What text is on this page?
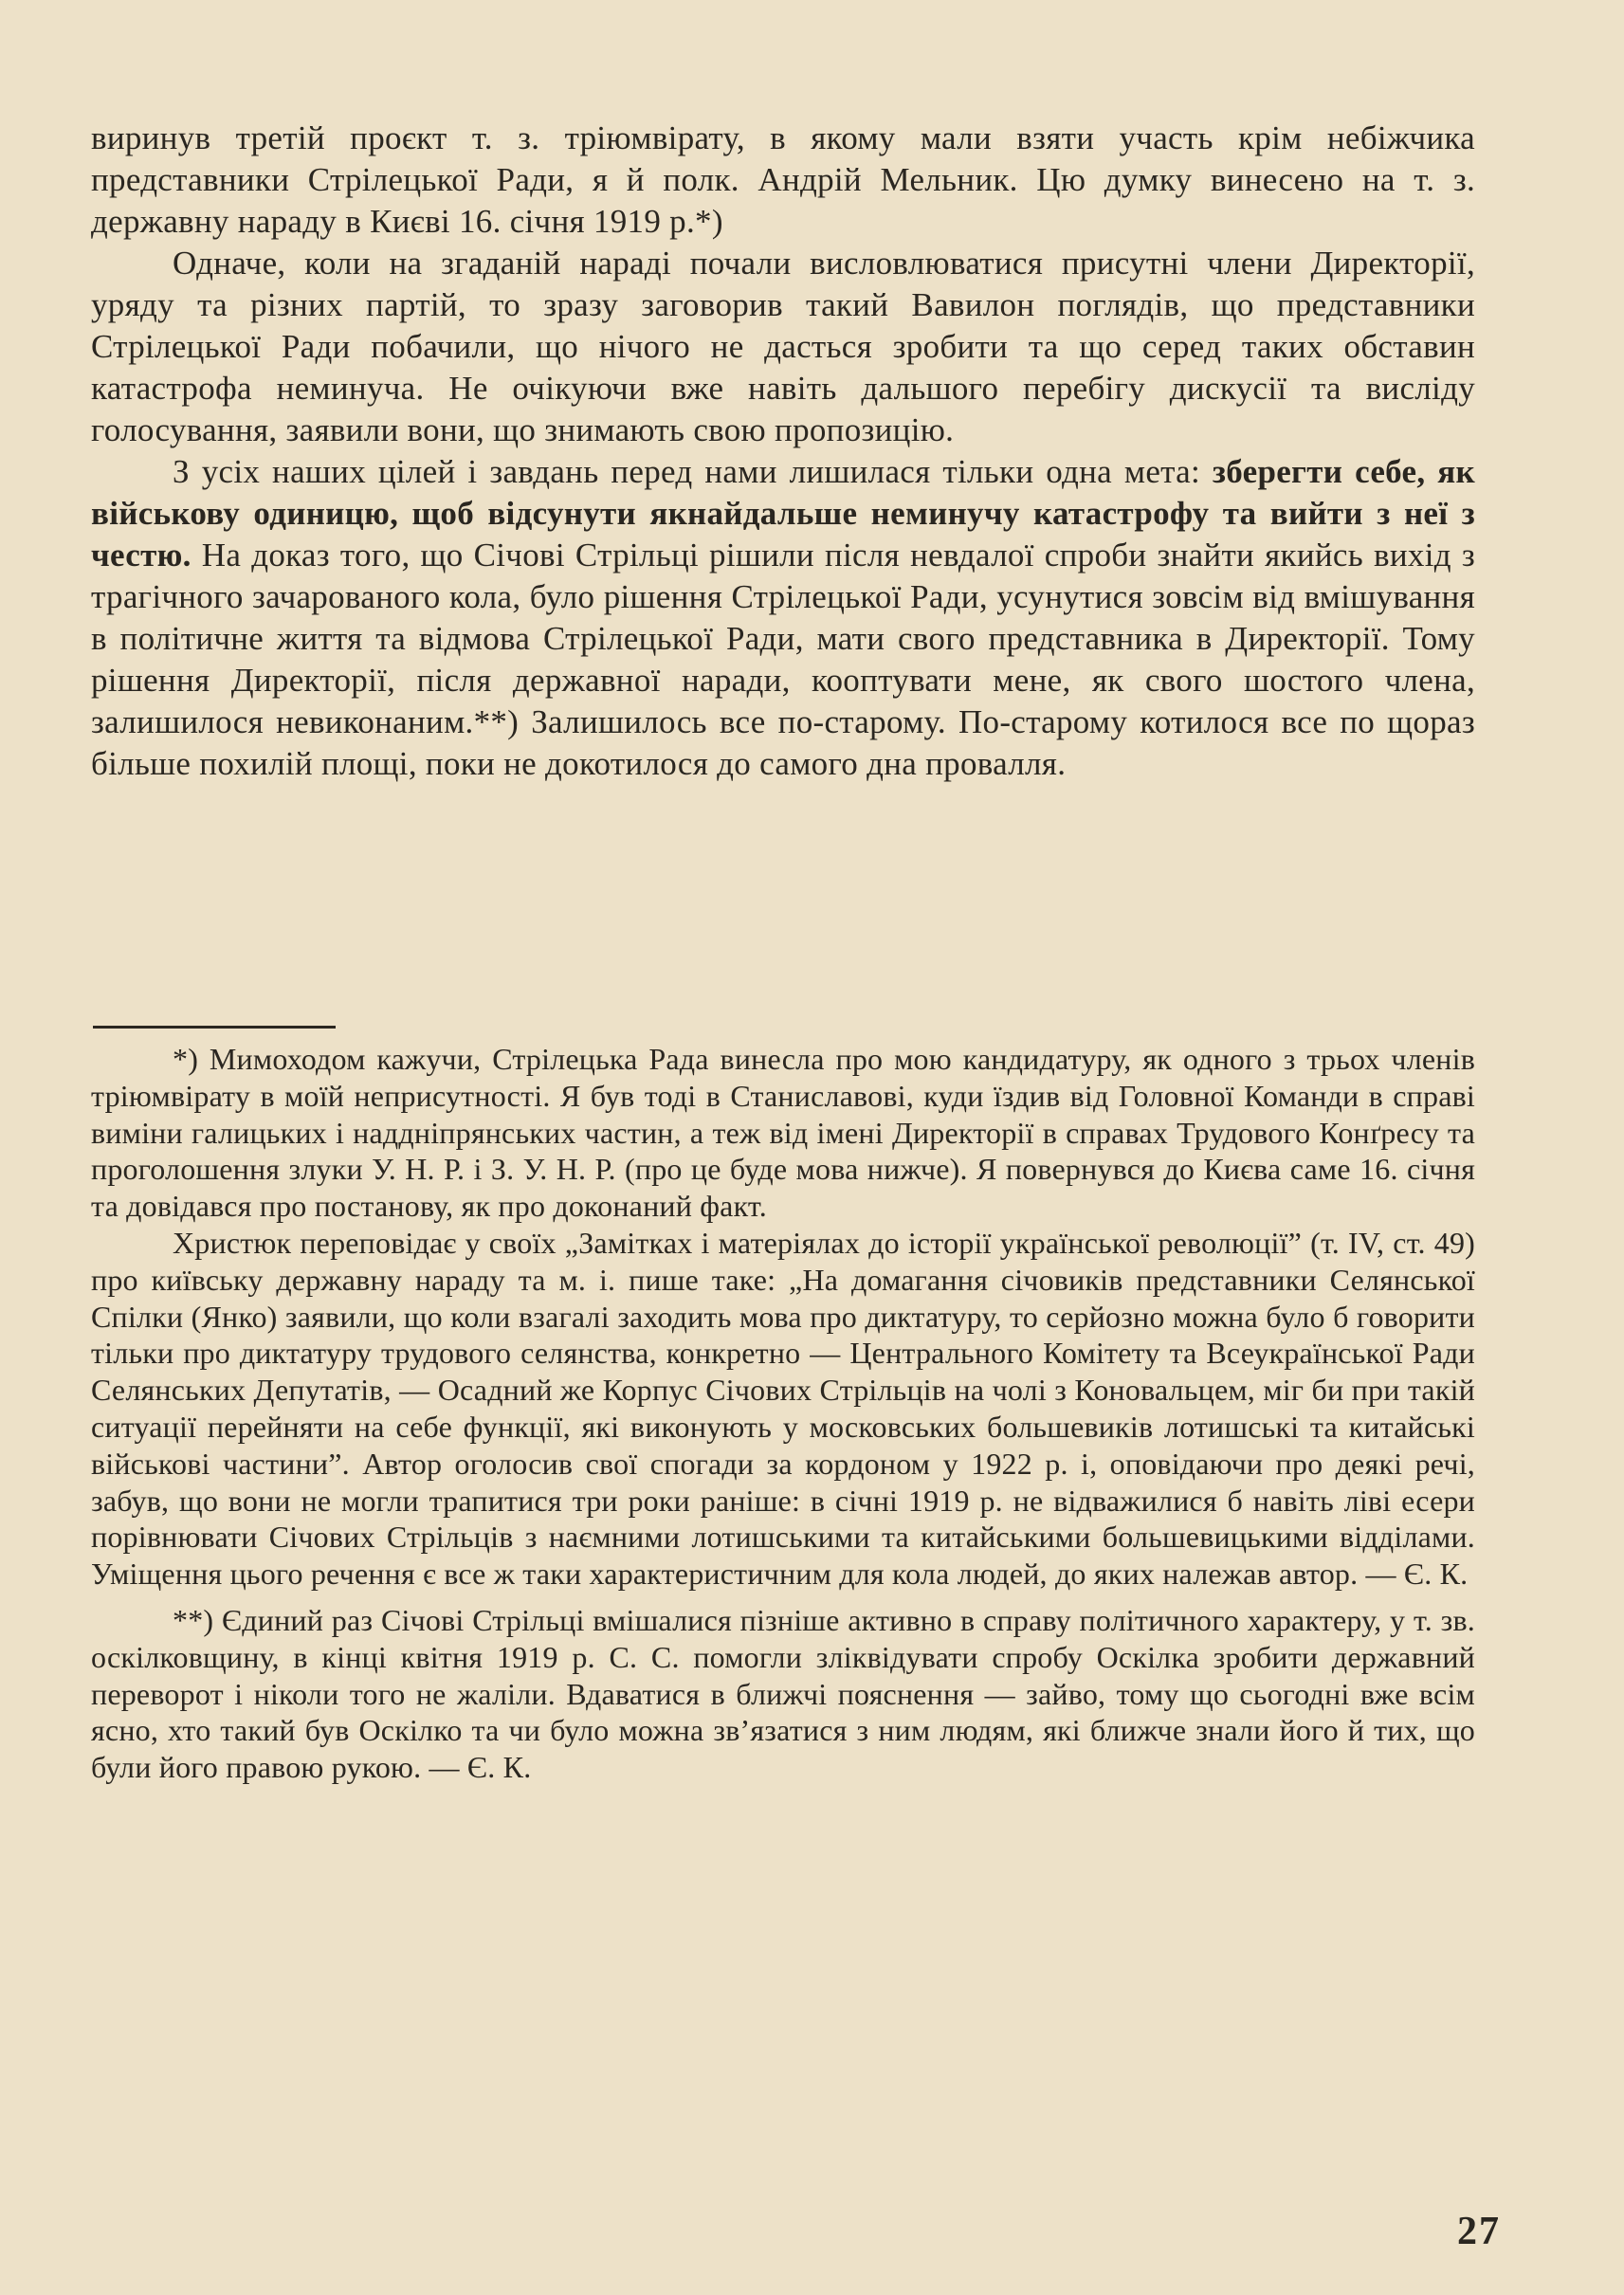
виринув третій проєкт т. з. тріюмвірату, в якому мали взяти участь крім небіжчика представники Стрілецької Ради, я й полк. Андрій Мельник. Цю думку винесено на т. з. державну нараду в Києві 16. січня 1919 р.*)

Одначе, коли на згаданій нараді почали висловлюватися присутні члени Директорії, уряду та різних партій, то зразу заговорив такий Вавилон поглядів, що представники Стрілецької Ради побачили, що нічого не дасться зробити та що серед таких обставин катастрофа неминуча. Не очікуючи вже навіть дальшого перебігу дискусії та висліду голосування, заявили вони, що знимають свою пропозицію.

З усіх наших цілей і завдань перед нами лишилася тільки одна мета: зберегти себе, як військову одиницю, щоб відсунути якнайдальше неминучу катастрофу та вийти з неї з честю. На доказ того, що Січові Стрільці рішили після невдалої спроби знайти якийсь вихід з трагічного зачарованого кола, було рішення Стрілецької Ради, усунутися зовсім від вмішування в політичне життя та відмова Стрілецької Ради, мати свого представника в Директорії. Тому рішення Директорії, після державної наради, кооптувати мене, як свого шостого члена, залишилося невиконаним.**) Залишилось все по-старому. По-старому котилося все по щораз більше похилій площі, поки не докотилося до самого дна провалля.

*) Мимоходом кажучи, Стрілецька Рада винесла про мою кандидатуру, як одного з трьох членів тріюмвірату в моїй неприсутності. Я був тоді в Станиславові, куди їздив від Головної Команди в справі виміни галицьких і наддніпрянських частин, а теж від імені Директорії в справах Трудового Конґресу та проголошення злуки У. Н. Р. і З. У. Н. Р. (про це буде мова нижче). Я повернувся до Києва саме 16. січня та довідався про постанову, як про доконаний факт.

Христюк переповідає у своїх „Замітках і матеріялах до історії української революції” (т. IV, ст. 49) про київську державну нараду та м. і. пише таке: „На домагання січовиків представники Селянської Спілки (Янко) заявили, що коли взагалі заходить мова про диктатуру, то серйозно можна було б говорити тільки про диктатуру трудового селянства, конкретно — Центрального Комітету та Всеукраїнської Ради Селянських Депутатів, — Осадний же Корпус Січових Стрільців на чолі з Коновальцем, міг би при такій ситуації перейняти на себе функції, які виконують у московських большевиків лотишські та китайські військові частини”. Автор оголосив свої спогади за кордоном у 1922 р. і, оповідаючи про деякі речі, забув, що вони не могли трапитися три роки раніше: в січні 1919 р. не відважилися б навіть ліві есери порівнювати Січових Стрільців з наємними лотишськими та китайськими большевицькими відділами. Уміщення цього речення є все ж таки характеристичним для кола людей, до яких належав автор. — Є. К.

**) Єдиний раз Січові Стрільці вмішалися пізніше активно в справу політичного характеру, у т. зв. оскілковщину, в кінці квітня 1919 р. С. С. помогли зліквідувати спробу Оскілка зробити державний переворот і ніколи того не жаліли. Вдаватися в ближчі пояснення — зайво, тому що сьогодні вже всім ясно, хто такий був Оскілко та чи було можна зв’язатися з ним людям, які ближче знали його й тих, що були його правою рукою. — Є. К.

27
